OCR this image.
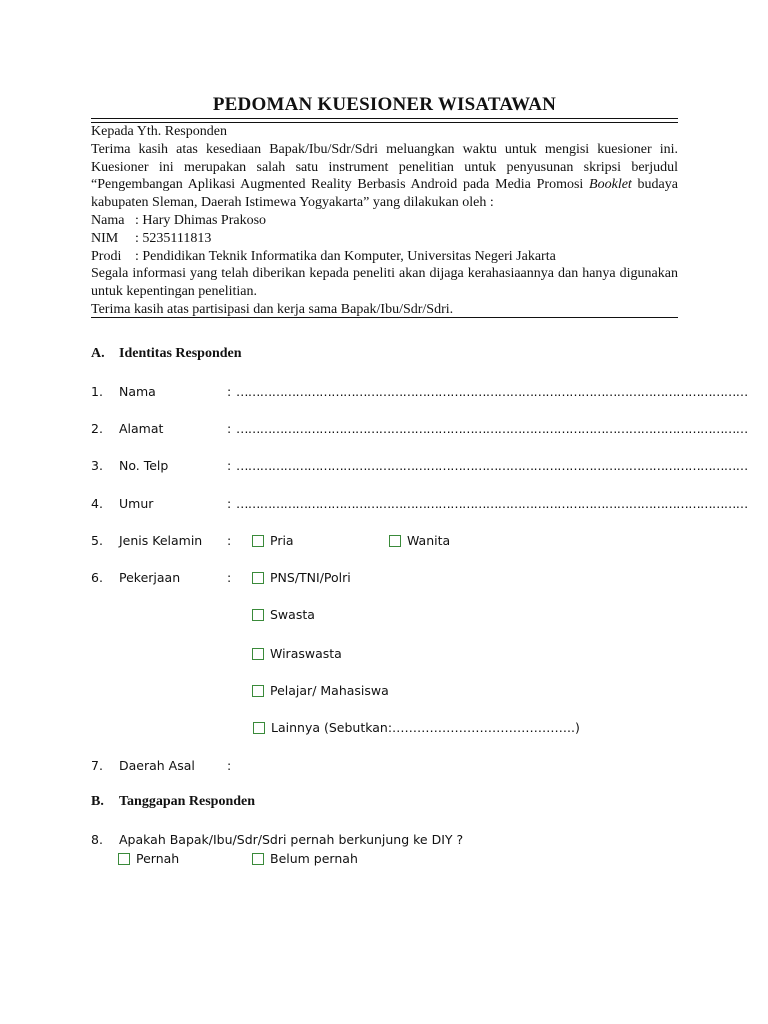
PEDOMAN KUESIONER WISATAWAN

Kepada Yth. Responden

Terima kasih atas kesediaan Bapak/Ibu/Sdr/Sdri meluangkan waktu untuk mengisi kuesioner ini. Kuesioner ini merupakan salah satu instrument penelitian untuk penyusunan skripsi berjudul “Pengembangan Aplikasi Augmented Reality Berbasis Android pada Media Promosi Booklet budaya kabupaten Sleman, Daerah Istimewa Yogyakarta” yang dilakukan oleh :

Nama : Hary Dhimas Prakoso
NIM	: 5235111813
Prodi : Pendidikan Teknik Informatika dan Komputer, Universitas Negeri Jakarta

Segala informasi yang telah diberikan kepada peneliti akan dijaga kerahasiaannya dan hanya digunakan untuk kepentingan penelitian.

Terima kasih atas partisipasi dan kerja sama Bapak/Ibu/Sdr/Sdri.

A. Identitas Responden
1.	Nama	: …………………………………………………………………………………………………………………
2.	Alamat	: …………………………………………………………………………………………………………………
3.	No. Telp	: …………………………………………………………………………………………………………………
4.	Umur	: …………………………………………………………………………………………………………………
5.	Jenis Kelamin	:	Pria	Wanita
6.	Pekerjaan	:	PNS/TNI/Polri
Swasta
Wiraswasta
Pelajar/ Mahasiswa
Lainnya (Sebutkan:……………………………………..)
7.	Daerah Asal	:
B. Tanggapan Responden
8.	Apakah Bapak/Ibu/Sdr/Sdri pernah berkunjung ke DIY ?
Pernah	Belum pernah
